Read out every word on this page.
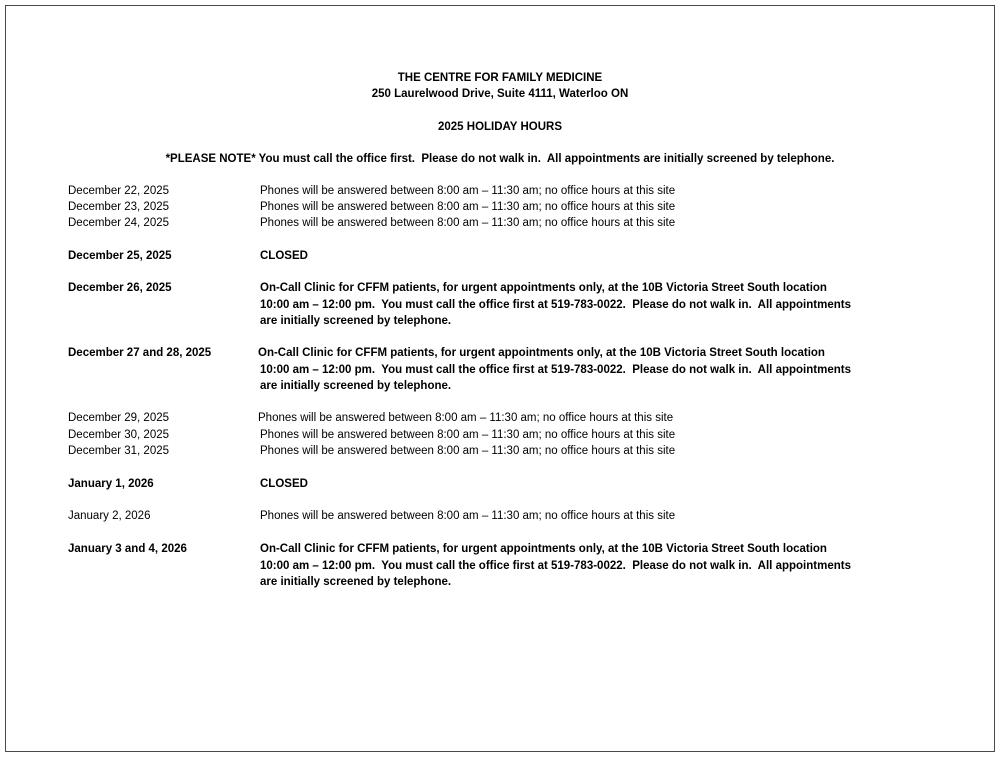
THE CENTRE FOR FAMILY MEDICINE
250 Laurelwood Drive, Suite 4111, Waterloo ON
2025 HOLIDAY HOURS
*PLEASE NOTE* You must call the office first.  Please do not walk in.  All appointments are initially screened by telephone.
December 22, 2025	Phones will be answered between 8:00 am – 11:30 am; no office hours at this site
December 23, 2025	Phones will be answered between 8:00 am – 11:30 am; no office hours at this site
December 24, 2025	Phones will be answered between 8:00 am – 11:30 am; no office hours at this site
December 25, 2025	CLOSED
December 26, 2025	On-Call Clinic for CFFM patients, for urgent appointments only, at the 10B Victoria Street South location
10:00 am – 12:00 pm.  You must call the office first at 519-783-0022.  Please do not walk in.  All appointments
are initially screened by telephone.
December 27 and 28, 2025	On-Call Clinic for CFFM patients, for urgent appointments only, at the 10B Victoria Street South location
10:00 am – 12:00 pm.  You must call the office first at 519-783-0022.  Please do not walk in.  All appointments
are initially screened by telephone.
December 29, 2025	Phones will be answered between 8:00 am – 11:30 am; no office hours at this site
December 30, 2025	Phones will be answered between 8:00 am – 11:30 am; no office hours at this site
December 31, 2025	Phones will be answered between 8:00 am – 11:30 am; no office hours at this site
January 1, 2026	CLOSED
January 2, 2026	Phones will be answered between 8:00 am – 11:30 am; no office hours at this site
January 3 and 4, 2026	On-Call Clinic for CFFM patients, for urgent appointments only, at the 10B Victoria Street South location
10:00 am – 12:00 pm.  You must call the office first at 519-783-0022.  Please do not walk in.  All appointments
are initially screened by telephone.
